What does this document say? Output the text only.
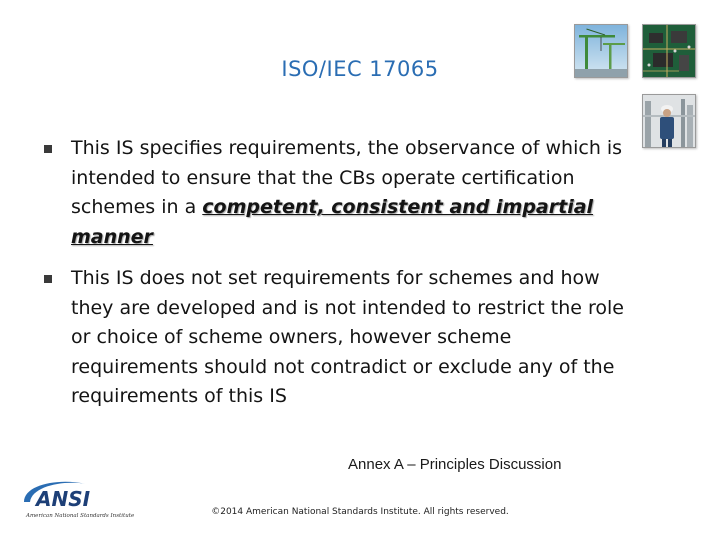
ISO/IEC 17065
This IS specifies requirements, the observance of which is intended to ensure that the CBs operate certification schemes in a competent, consistent and impartial manner
This IS does not set requirements for schemes and how they are developed and is not intended to restrict the role or choice of scheme owners, however scheme requirements should not contradict or exclude any of the requirements of this IS
Annex A – Principles Discussion
ANSI
American National Standards Institute	©2014 American National Standards Institute. All rights reserved.
